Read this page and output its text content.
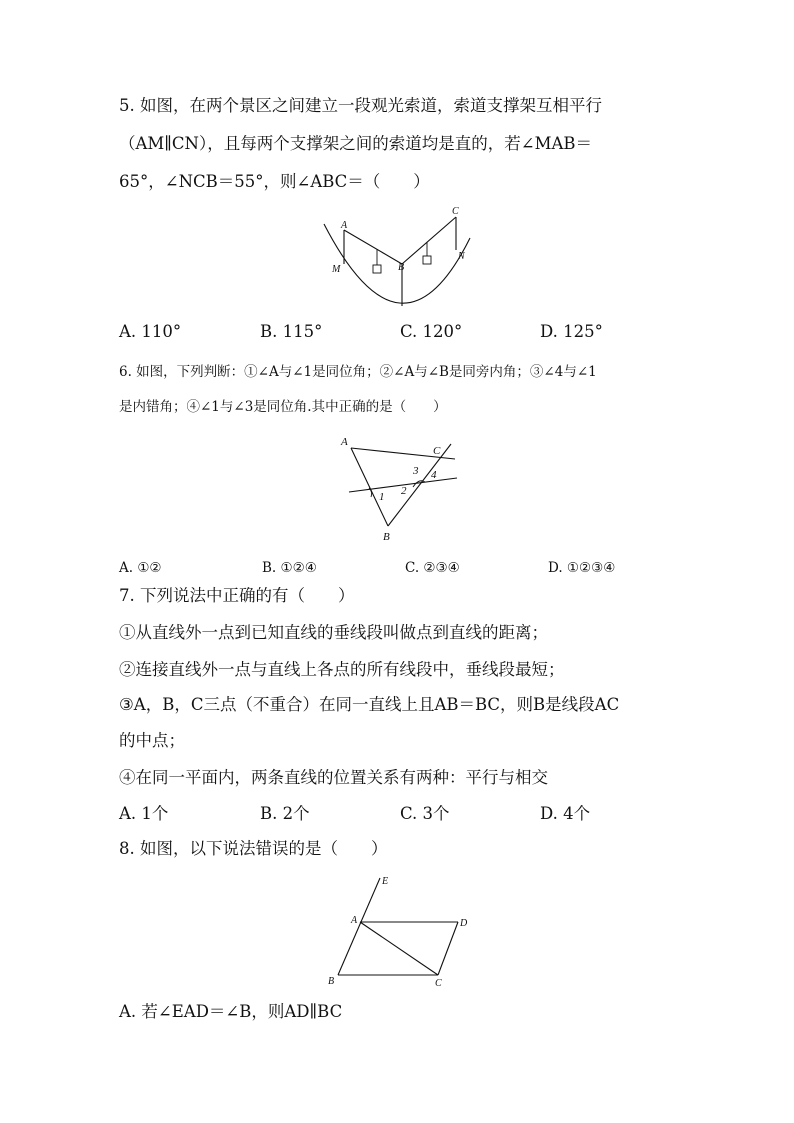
5. 如图，在两个景区之间建立一段观光索道，索道支撑架互相平行
（AM∥CN），且每两个支撑架之间的索道均是直的，若∠MAB＝
65°，∠NCB＝55°，则∠ABC＝（　　）
A
B
C
M
N
A. 110°	B. 115°	C. 120°	D. 125°
6. 如图，下列判断：①∠A与∠1是同位角；②∠A与∠B是同旁内角；③∠4与∠1
是内错角；④∠1与∠3是同位角.其中正确的是（　　）
A
B
C
1 2
3 4
A. ①②	B. ①②④	C. ②③④	D. ①②③④
7. 下列说法中正确的有（　　）
①从直线外一点到已知直线的垂线段叫做点到直线的距离；
②连接直线外一点与直线上各点的所有线段中，垂线段最短；
③A，B，C三点（不重合）在同一直线上且AB＝BC，则B是线段AC
的中点；
④在同一平面内，两条直线的位置关系有两种：平行与相交
A. 1个	B. 2个	C. 3个	D. 4个
8. 如图，以下说法错误的是（　　）
E
A	D
B	C
A. 若∠EAD＝∠B，则AD∥BC
